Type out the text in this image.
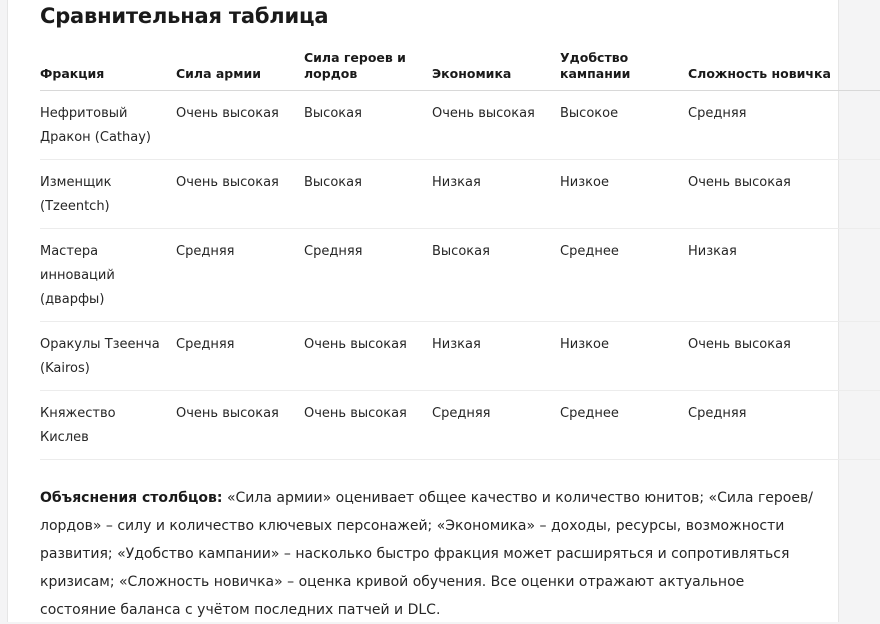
Сравнительная таблица
Фракция	Сила армии	Сила героев и лордов	Экономика	Удобство кампании	Сложность новичка
Нефритовый Дракон (Cathay)	Очень высокая	Высокая	Очень высокая	Высокое	Средняя
Изменщик (Tzeentch)	Очень высокая	Высокая	Низкая	Низкое	Очень высокая
Мастера инноваций (дварфы)	Средняя	Средняя	Высокая	Среднее	Низкая
Оракулы Тзеенча (Kairos)	Средняя	Очень высокая	Низкая	Низкое	Очень высокая
Княжество Кислев	Очень высокая	Очень высокая	Средняя	Среднее	Средняя

Объяснения столбцов: «Сила армии» оценивает общее качество и количество юнитов; «Сила героев/лордов» – силу и количество ключевых персонажей; «Экономика» – доходы, ресурсы, возможности развития; «Удобство кампании» – насколько быстро фракция может расширяться и сопротивляться кризисам; «Сложность новичка» – оценка кривой обучения. Все оценки отражают актуальное состояние баланса с учётом последних патчей и DLC.
